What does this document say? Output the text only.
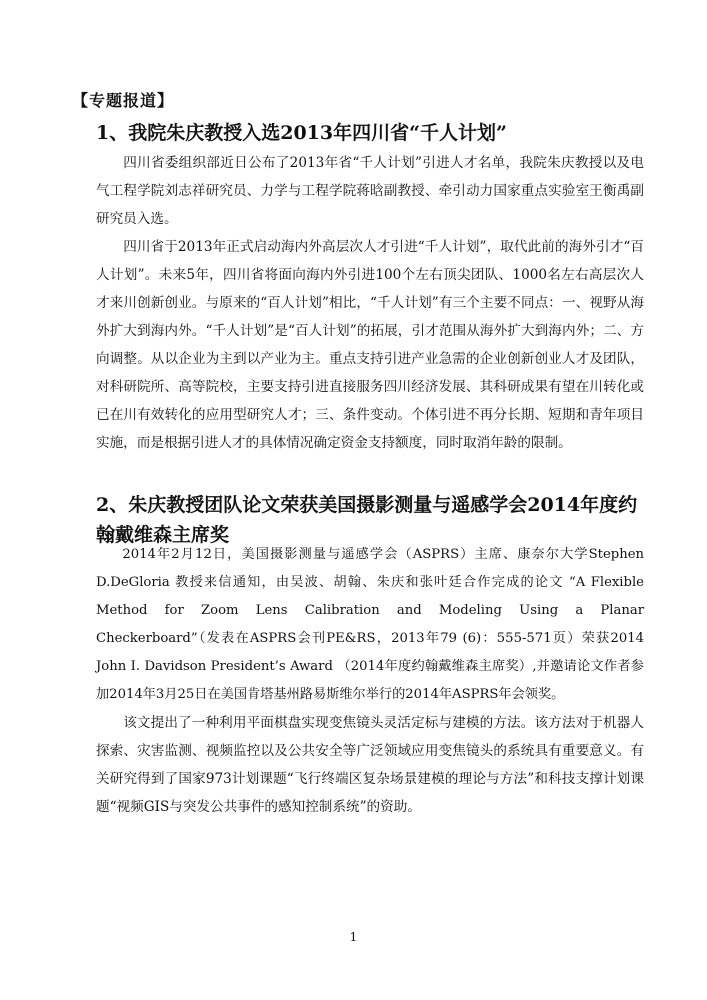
【专题报道】
1、我院朱庆教授入选2013年四川省“千人计划”
四川省委组织部近日公布了2013年省“千人计划”引进人才名单，我院朱庆教授以及电气工程学院刘志祥研究员、力学与工程学院蒋晗副教授、牵引动力国家重点实验室王衡禹副研究员入选。
四川省于2013年正式启动海内外高层次人才引进“千人计划”，取代此前的海外引才“百人计划”。未来5年，四川省将面向海内外引进100个左右顶尖团队、1000名左右高层次人才来川创新创业。与原来的“百人计划”相比，“千人计划”有三个主要不同点：一、视野从海外扩大到海内外。“千人计划”是“百人计划”的拓展，引才范围从海外扩大到海内外；二、方向调整。从以企业为主到以产业为主。重点支持引进产业急需的企业创新创业人才及团队，对科研院所、高等院校，主要支持引进直接服务四川经济发展、其科研成果有望在川转化或已在川有效转化的应用型研究人才；三、条件变动。个体引进不再分长期、短期和青年项目实施，而是根据引进人才的具体情况确定资金支持额度，同时取消年龄的限制。
2、朱庆教授团队论文荣获美国摄影测量与遥感学会2014年度约翰戴维森主席奖
2014年2月12日，美国摄影测量与遥感学会（ASPRS）主席、康奈尔大学Stephen D.DeGloria 教授来信通知，由吴波、胡翰、朱庆和张叶廷合作完成的论文 “A Flexible Method for Zoom Lens Calibration and Modeling Using a Planar Checkerboard”（发表在ASPRS会刊PE&RS，2013年79 (6)：555-571页）荣获2014 John I. Davidson President’s Award （2014年度约翰戴维森主席奖）,并邀请论文作者参加2014年3月25日在美国肯塔基州路易斯维尔举行的2014年ASPRS年会领奖。
该文提出了一种利用平面棋盘实现变焦镜头灵活定标与建模的方法。该方法对于机器人探索、灾害监测、视频监控以及公共安全等广泛领域应用变焦镜头的系统具有重要意义。有关研究得到了国家973计划课题“飞行终端区复杂场景建模的理论与方法”和科技支撑计划课题“视频GIS与突发公共事件的感知控制系统”的资助。
1
